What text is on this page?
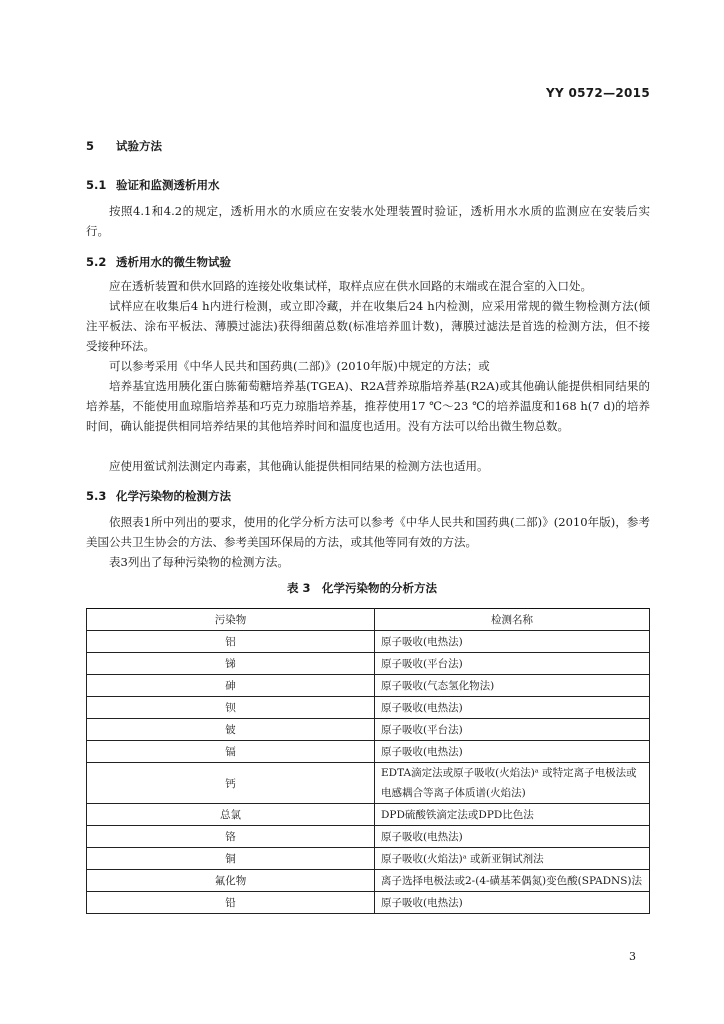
YY 0572—2015
5 试验方法
5.1 验证和监测透析用水

按照4.1和4.2的规定，透析用水的水质应在安装水处理装置时验证，透析用水水质的监测应在安装后实行。

5.2 透析用水的微生物试验

应在透析装置和供水回路的连接处收集试样，取样点应在供水回路的末端或在混合室的入口处。

试样应在收集后4 h内进行检测，或立即冷藏，并在收集后24 h内检测，应采用常规的微生物检测方法(倾注平板法、涂布平板法、薄膜过滤法)获得细菌总数(标准培养皿计数)，薄膜过滤法是首选的检测方法，但不接受接种环法。

可以参考采用《中华人民共和国药典(二部)》(2010年版)中规定的方法；或

培养基宜选用胰化蛋白胨葡萄糖培养基(TGEA)、R2A营养琼脂培养基(R2A)或其他确认能提供相同结果的培养基，不能使用血琼脂培养基和巧克力琼脂培养基，推荐使用17 ℃～23 ℃的培养温度和168 h(7 d)的培养时间，确认能提供相同培养结果的其他培养时间和温度也适用。没有方法可以给出微生物总数。

应使用鲎试剂法测定内毒素，其他确认能提供相同结果的检测方法也适用。

5.3 化学污染物的检测方法

依照表1所中列出的要求，使用的化学分析方法可以参考《中华人民共和国药典(二部)》(2010年版)，参考美国公共卫生协会的方法、参考美国环保局的方法，或其他等同有效的方法。

表3列出了每种污染物的检测方法。

表 3　化学污染物的分析方法
污染物	检测名称
铝	原子吸收(电热法)
锑	原子吸收(平台法)
砷	原子吸收(气态氢化物法)
钡	原子吸收(电热法)
铍	原子吸收(平台法)
镉	原子吸收(电热法)
钙	EDTA滴定法或原子吸收(火焰法)ᵃ 或特定离子电极法或电感耦合等离子体质谱(火焰法)
总氯	DPD硫酸铁滴定法或DPD比色法
铬	原子吸收(电热法)
铜	原子吸收(火焰法)ᵃ 或新亚铜试剂法
氟化物	离子选择电极法或2-(4-磺基苯偶氮)变色酸(SPADNS)法
铅	原子吸收(电热法)
3
